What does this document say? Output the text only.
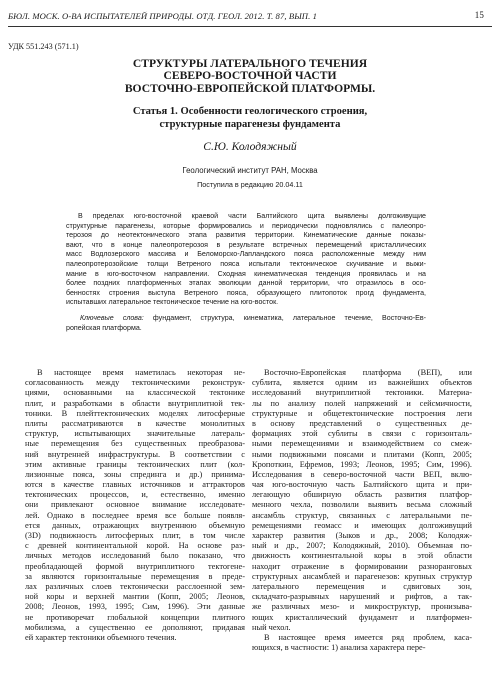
БЮЛ. МОСК. О-ВА ИСПЫТАТЕЛЕЙ ПРИРОДЫ. ОТД. ГЕОЛ. 2012. Т. 87, ВЫП. 1	15
УДК 551.243 (571.1)
СТРУКТУРЫ ЛАТЕРАЛЬНОГО ТЕЧЕНИЯ
СЕВЕРО-ВОСТОЧНОЙ ЧАСТИ
ВОСТОЧНО-ЕВРОПЕЙСКОЙ ПЛАТФОРМЫ.
Статья 1. Особенности геологического строения,
структурные парагенезы фундамента
С.Ю. Колодяжный
Геологический институт РАН, Москва
Поступила в редакцию 20.04.11
В пределах юго-восточной краевой части Балтийского щита выявлены долгоживущие
структурные парагенезы, которые формировались и периодически подновлялись с палеопро-
терозоя до неотектонического этапа развития территории. Кинематические данные показы-
вают, что в конце палеопротерозоя в результате встречных перемещений кристаллических
масс Водлозерского массива и Беломорско-Лапландского пояса расположенные между ним
палеопротерозойские толщи Ветреного пояса испытали тектоническое скучивание и выжи-
мание в юго-восточном направлении. Сходная кинематическая тенденция проявилась и на
более поздних платформенных этапах эволюции данной территории, что отразилось в осо-
бенностях строения выступа Ветреного пояса, образующего плитопоток прогд фундамента,
испытавших латеральное тектоническое течение на юго-восток.
Ключевые слова: фундамент, структура, кинематика, латеральное течение, Восточно-Ев-
ропейская платформа.
В настоящее время наметилась некоторая не-
согласованность между тектоническими реконструк-
циями, основанными на классической тектонике
плит, и разработками в области внутриплитной тек-
тоники. В плейттектонических моделях литосферные
плиты рассматриваются в качестве монолитных
структур, испытывающих значительные латераль-
ные перемещения без существенных преобразова-
ний внутренней инфраструктуры. В соответствии с
этим активные границы тектонических плит (кол-
лизионные пояса, зоны спрединга и др.) принима-
ются в качестве главных источников и аттракторов
тектонических процессов, и, естественно, именно
они привлекают основное внимание исследовате-
лей. Однако в последнее время все больше появля-
ется данных, отражающих внутреннюю объемную
(3D) подвижность литосферных плит, в том числе
с древней континентальной корой. На основе раз-
личных методов исследований было показано, что
преобладающей формой внутриплитного тектогене-
за являются горизонтальные перемещения в преде-
лах различных слоев тектонически расслоенной зем-
ной коры и верхней мантии (Копп, 2005; Леонов,
2008; Леонов, 1993, 1995; Сим, 1996). Эти данные
не противоречат глобальной концепции плитного
мобилизма, а существенно ее дополняют, придавая
ей характер тектоники объемного течения.
Восточно-Европейская платформа (ВЕП), или
сублита, является одним из важнейших объектов
исследований внутриплитной тектоники. Материа-
лы по анализу полей напряжений и сейсмичности,
структурные и общетектонические построения леги
в основу представлений о существенных де-
формациях этой сублиты в связи с горизонталь-
ными перемещениями и взаимодействием со смеж-
ными подвижными поясами и плитами (Копп, 2005;
Кропоткин, Ефремов, 1993; Леонов, 1995; Сим, 1996).
Исследования в северо-восточной части ВЕП, вклю-
чая юго-восточную часть Балтийского щита и при-
легающую обширную область развития платфор-
менного чехла, позволили выявить весьма сложный
ансамбль структур, связанных с латеральными пе-
ремещениями геомасс и имеющих долгоживущий
характер развития (Зыков и др., 2008; Колодяж-
ный и др., 2007; Колодяжный, 2010). Объемная по-
движность континентальной коры в этой области
находит отражение в формировании разноранговых
структурных ансамблей и парагенезов: крупных структур
латерального перемещения и сдвиговых зон,
складчато-разрывных нарушений и рифтов, а так-
же различных мезо- и микроструктур, пронизыва-
ющих кристаллический фундамент и платформен-
ный чехол.
В настоящее время имеется ряд проблем, касa-
ющихся, в частности: 1) анализа характера пере-
